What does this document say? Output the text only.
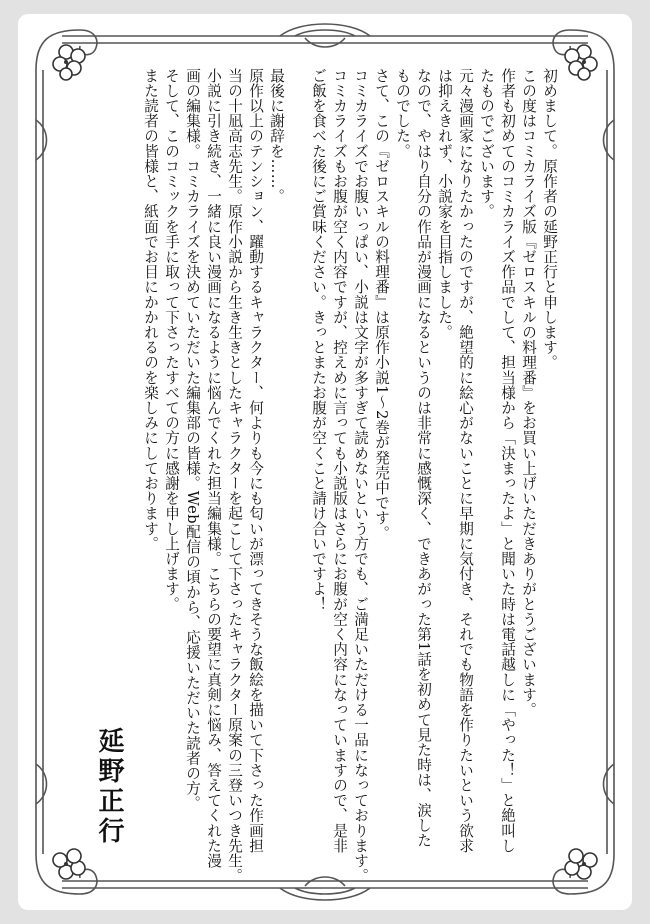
初めまして。原作者の延野正行と申します。
この度はコミカライズ版『ゼロスキルの料理番』をお買い上げいただきありがとうございます。
作者も初めてのコミカライズ作品でして、担当様から「決まったよ」と聞いた時は電話越しに「やった！」と絶叫し
たものでございます。
元々漫画家になりたかったのですが、絶望的に絵心がないことに早期に気付き、それでも物語を作りたいという欲求
は抑えきれず、小説家を目指しました。
なので、やはり自分の作品が漫画になるというのは非常に感慨深く、できあがった第1話を初めて見た時は、涙した
ものでした。
さて、この『ゼロスキルの料理番』は原作小説1～2巻が発売中です。
コミカライズでお腹いっぱい、小説は文字が多すぎて読めないという方でも、ご満足いただける一品になっております。
コミカライズもお腹が空く内容ですが、控えめに言っても小説版はさらにお腹が空く内容になっていますので、是非
ご飯を食べた後にご賞味ください。きっとまたお腹が空くこと請け合いですよ！
最後に謝辞を……。
原作以上のテンション、躍動するキャラクター、何よりも今にも匂いが漂ってきそうな飯絵を描いて下さった作画担
当の十凪高志先生。原作小説から生き生きとしたキャラクターを起こして下さったキャラクター原案の三登いつき先生。
小説に引き続き、一緒に良い漫画になるように悩んでくれた担当編集様。こちらの要望に真剣に悩み、答えてくれた漫
画の編集様。コミカライズを決めていただいた編集部の皆様。Web配信の頃から、応援いただいた読者の方。
そして、このコミックを手に取って下さったすべての方に感謝を申し上げます。
また読者の皆様と、紙面でお目にかかれるのを楽しみにしております。
延野正行
